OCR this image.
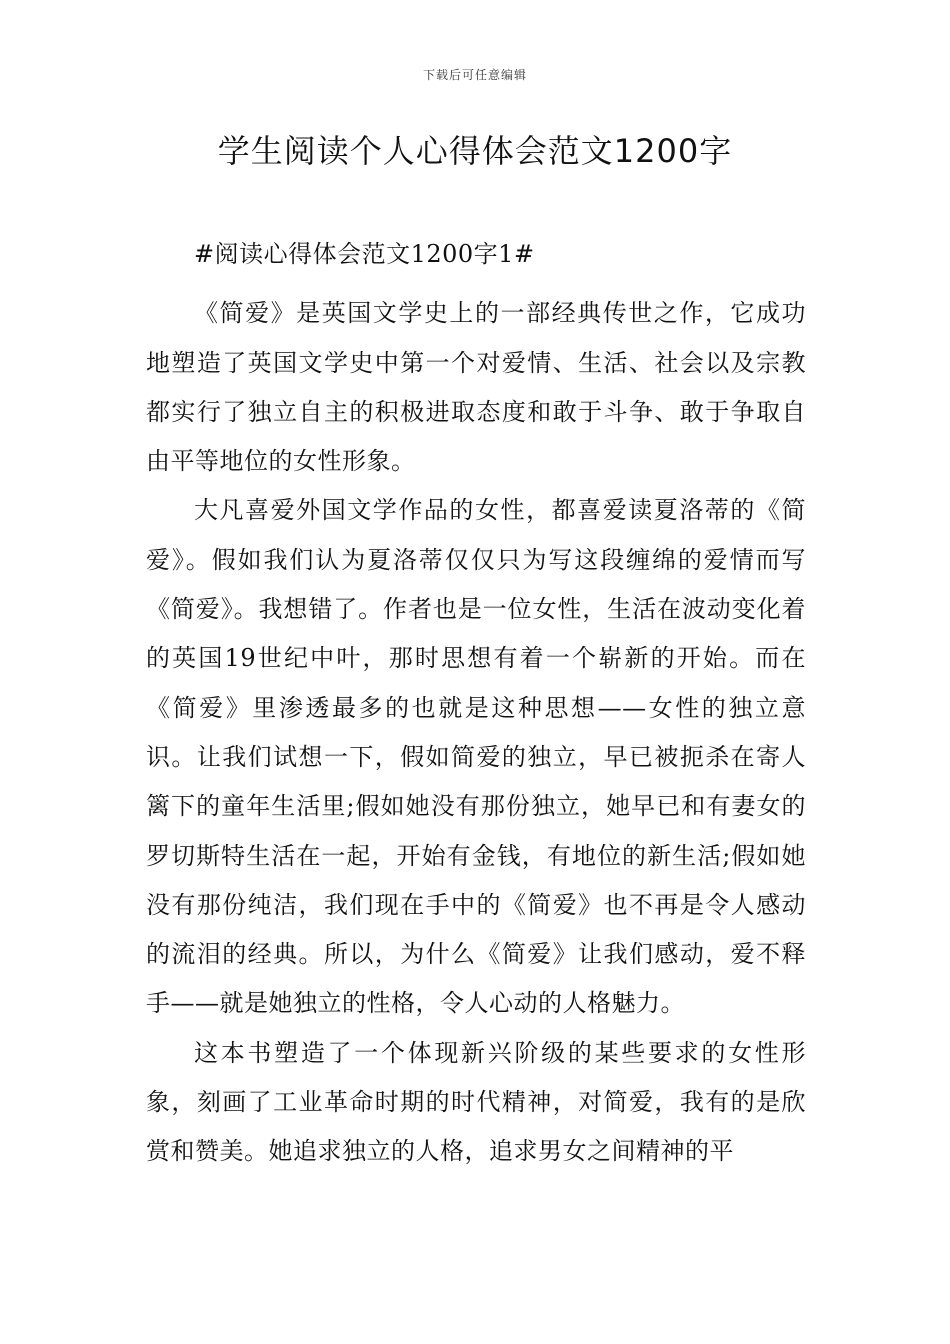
下载后可任意编辑
学生阅读个人心得体会范文1200字

#阅读心得体会范文1200字1#

《简爱》是英国文学史上的一部经典传世之作，它成功地塑造了英国文学史中第一个对爱情、生活、社会以及宗教都实行了独立自主的积极进取态度和敢于斗争、敢于争取自由平等地位的女性形象。

大凡喜爱外国文学作品的女性，都喜爱读夏洛蒂的《简爱》。假如我们认为夏洛蒂仅仅只为写这段缠绵的爱情而写《简爱》。我想错了。作者也是一位女性，生活在波动变化着的英国19世纪中叶，那时思想有着一个崭新的开始。而在《简爱》里渗透最多的也就是这种思想——女性的独立意识。让我们试想一下，假如简爱的独立，早已被扼杀在寄人篱下的童年生活里;假如她没有那份独立，她早已和有妻女的罗切斯特生活在一起，开始有金钱，有地位的新生活;假如她没有那份纯洁，我们现在手中的《简爱》也不再是令人感动的流泪的经典。所以，为什么《简爱》让我们感动，爱不释手——就是她独立的性格，令人心动的人格魅力。

这本书塑造了一个体现新兴阶级的某些要求的女性形象，刻画了工业革命时期的时代精神，对简爱，我有的是欣赏和赞美。她追求独立的人格，追求男女之间精神的平
